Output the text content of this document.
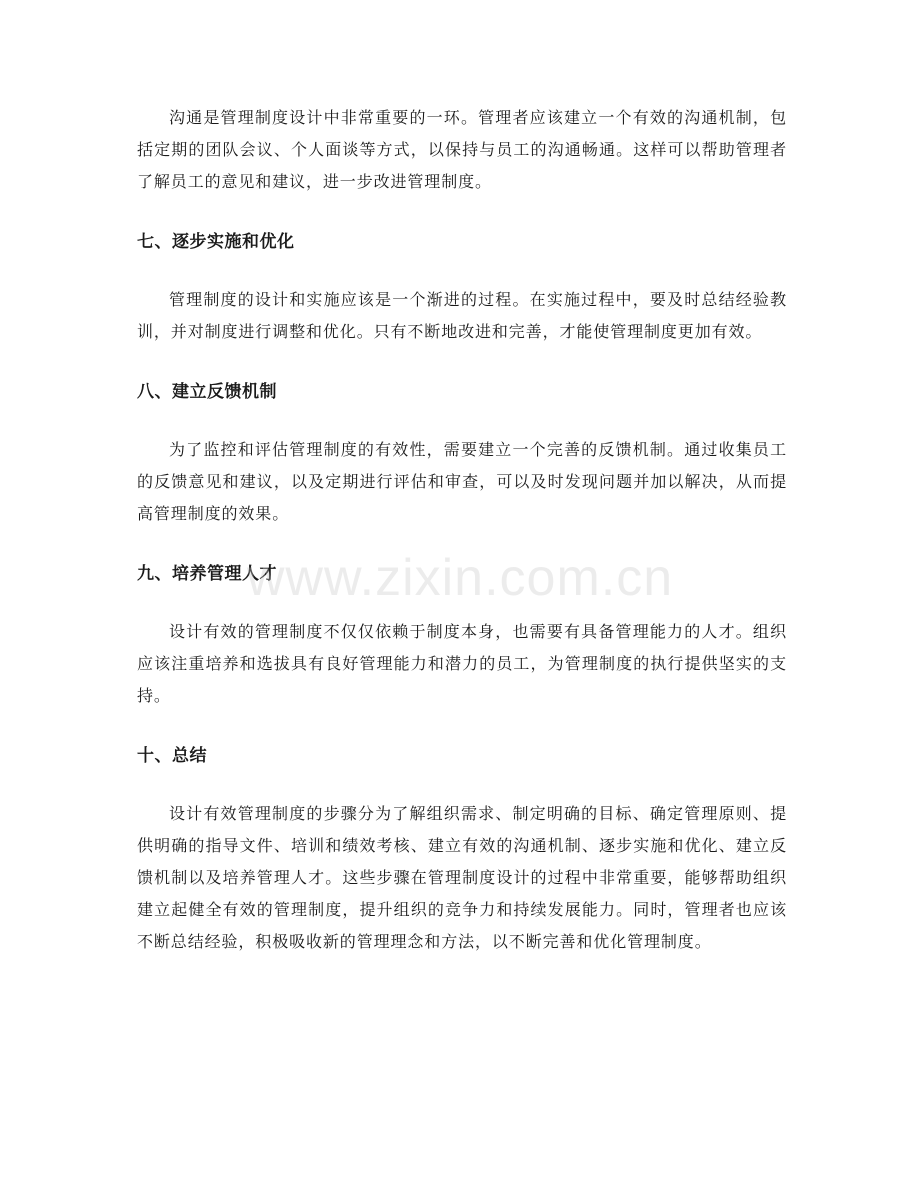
沟通是管理制度设计中非常重要的一环。管理者应该建立一个有效的沟通机制，包括定期的团队会议、个人面谈等方式，以保持与员工的沟通畅通。这样可以帮助管理者了解员工的意见和建议，进一步改进管理制度。

七、逐步实施和优化

管理制度的设计和实施应该是一个渐进的过程。在实施过程中，要及时总结经验教训，并对制度进行调整和优化。只有不断地改进和完善，才能使管理制度更加有效。

八、建立反馈机制

为了监控和评估管理制度的有效性，需要建立一个完善的反馈机制。通过收集员工的反馈意见和建议，以及定期进行评估和审查，可以及时发现问题并加以解决，从而提高管理制度的效果。

九、培养管理人才

设计有效的管理制度不仅仅依赖于制度本身，也需要有具备管理能力的人才。组织应该注重培养和选拔具有良好管理能力和潜力的员工，为管理制度的执行提供坚实的支持。

十、总结

设计有效管理制度的步骤分为了解组织需求、制定明确的目标、确定管理原则、提供明确的指导文件、培训和绩效考核、建立有效的沟通机制、逐步实施和优化、建立反馈机制以及培养管理人才。这些步骤在管理制度设计的过程中非常重要，能够帮助组织建立起健全有效的管理制度，提升组织的竞争力和持续发展能力。同时，管理者也应该不断总结经验，积极吸收新的管理理念和方法，以不断完善和优化管理制度。

www.zixin.com.cn
